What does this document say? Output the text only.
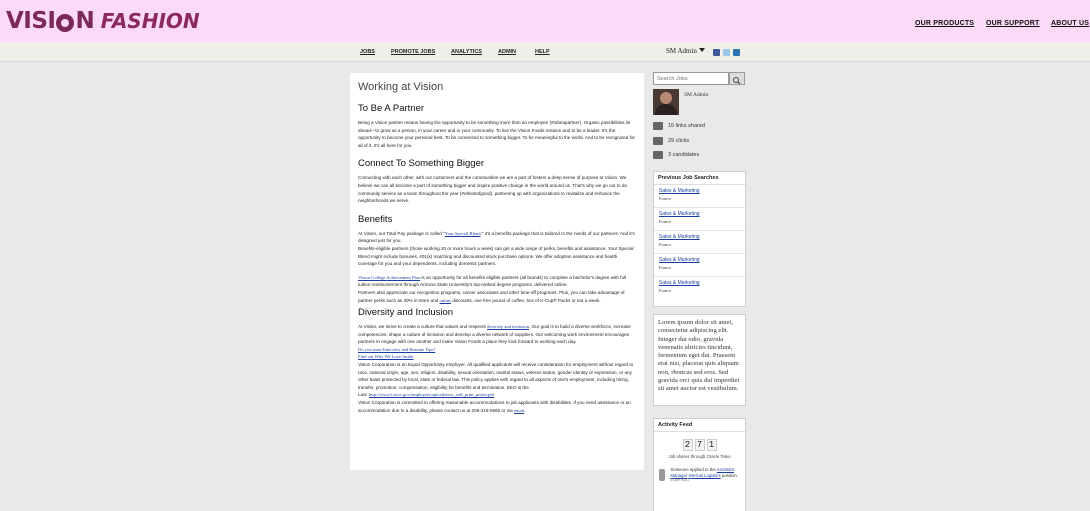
VISI N FASHION	OUR PRODUCTS OUR SUPPORT ABOUT US
JOBS	PROMOTE JOBS	ANALYTICS	ADMIN	HELP	SM Admin
Working at Vision
To Be A Partner

Being a Vision partner means having the opportunity to be something more than an employee (#tobeapartner). Organic possibilities lie ahead—to grow as a person, in your career and in your community. To live the Vision Foods mission and to be a leader. It's the opportunity to become your personal best. To be connected to something bigger. To be meaningful to the world. And to be recognized for all of it. It's all here for you.

Connect To Something Bigger

Connecting with each other, with our customers and the communities we are a part of fosters a deep sense of purpose at Vision. We believe we can all become a part of something bigger and inspire positive change in the world around us. That's why we go out to do community service as a team throughout the year (#ethestofgood), partnering up with organizations to revitalize and enhance the neighborhoods we serve.

Benefits

At Vision, our Total Pay package is called "Your Special Blend," it's a benefits package that is tailored to the needs of our partners. And it's designed just for you.

Benefits-eligible partners (those working 20 or more hours a week) can get a wide range of perks, benefits and assistance. Your Special Blend might include bonuses, 401(k) matching and discounted stock purchase options. We offer adoption assistance and health coverage for you and your dependents, including domestic partners.

Vision College Achievement Plan is an opportunity for all benefits eligible partners (all brands) to complete a bachelor's degree with full tuition reimbursement through Arizona State University's top-ranked degree programs, delivered online.

Partners also appreciate our recognition programs, career associates and other time-off programs. Plus, you can take advantage of partner perks such as 30% in-store and online discounts, one free pound of coffee, box of K-Cup® Packs or tea a week.

Diversity and Inclusion

At Vision, we strive to create a culture that values and respects diversity and inclusion. Our goal is to build a diverse workforce, increase competencies, shape a culture of inclusion and develop a diverse network of suppliers. Our welcoming work environment encourages partners to engage with one another and make Vision Foods a place they look forward to working each day.

Do you want Interview and Resume Tips?
Find out Why We Love Inside

Vision Corporation is an Equal Opportunity employer. All qualified applicants will receive consideration for employment without regard to race, national origin, age, sex, religion, disability, sexual orientation, marital status, veteran status, gender identity or expression, or any other basis protected by local, state or federal law. This policy applies with regard to all aspects of one's employment, including hiring, transfer, promotion, compensation, eligibility for benefits and termination. EEO is the

Law: http://www1.eeoc.gov/employers/upload/eeoc_self_print_poster.pdf

Vision Corporation is committed to offering reasonable accommodations to job applicants with disabilities. If you need assistance or an accommodation due to a disability, please contact us at 206-318-0660 or via email.

Search Jobs
SM Admin
16 links shared
29 clicks
3 candidates
Previous Job Searches
Sales & Marketing
France
Sales & Marketing
France
Sales & Marketing
France
Sales & Marketing
France
Sales & Marketing
France
Lorem ipsum dolor sit amet, consectetur adipiscing elit. Integer dui odio, gravida venenatis ultricies tincidunt, fermentum eget dui. Praesent erat nisi, placerat quis aliquam non, rhoncus sed eros. Sed gravida orci quis dui imperdiet sit amet auctor est vestibulum.
Activity Feed
2 7 1
Job shares through Oracle Taleo
Someone applied to the Assistant Manager Internal Logistics position.
1 DAY AGO
